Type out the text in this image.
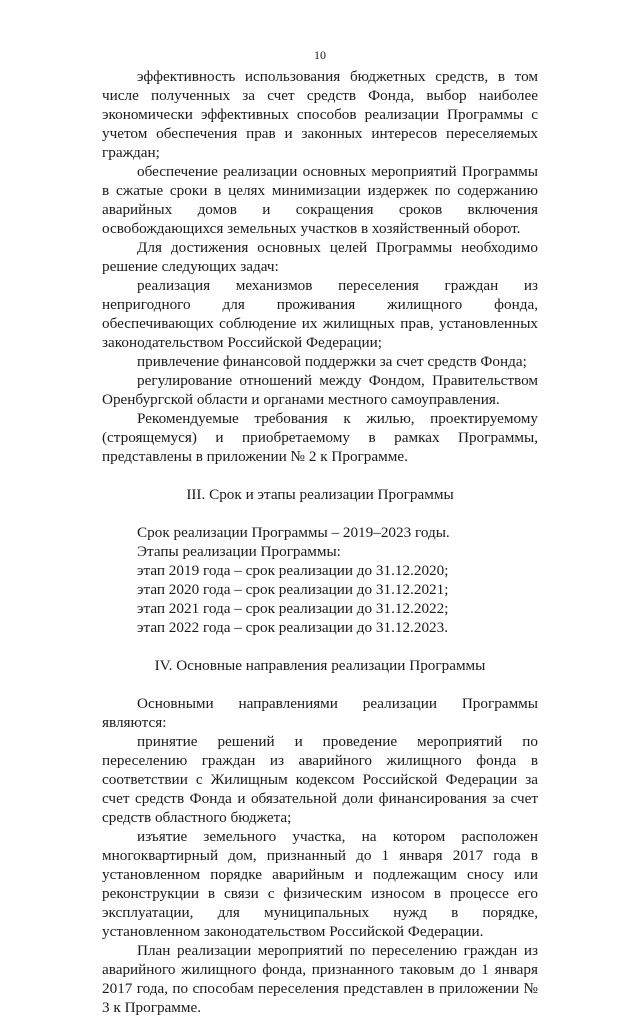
10

эффективность использования бюджетных средств, в том числе полученных за счет средств Фонда, выбор наиболее экономически эффективных способов реализации Программы с учетом обеспечения прав и законных интересов переселяемых граждан;

обеспечение реализации основных мероприятий Программы в сжатые сроки в целях минимизации издержек по содержанию аварийных домов и сокращения сроков включения освобождающихся земельных участков в хозяйственный оборот.

Для достижения основных целей Программы необходимо решение следующих задач:

реализация механизмов переселения граждан из непригодного для проживания жилищного фонда, обеспечивающих соблюдение их жилищных прав, установленных законодательством Российской Федерации;

привлечение финансовой поддержки за счет средств Фонда;

регулирование отношений между Фондом, Правительством Оренбургской области и органами местного самоуправления.

Рекомендуемые требования к жилью, проектируемому (строящемуся) и приобретаемому в рамках Программы, представлены в приложении № 2 к Программе.

III. Срок и этапы реализации Программы

Срок реализации Программы – 2019–2023 годы.

Этапы реализации Программы:

этап 2019 года – срок реализации до 31.12.2020;

этап 2020 года – срок реализации до 31.12.2021;

этап 2021 года – срок реализации до 31.12.2022;

этап 2022 года – срок реализации до 31.12.2023.

IV. Основные направления реализации Программы

Основными направлениями реализации Программы являются:

принятие решений и проведение мероприятий по переселению граждан из аварийного жилищного фонда в соответствии с Жилищным кодексом Российской Федерации за счет средств Фонда и обязательной доли финансирования за счет средств областного бюджета;

изъятие земельного участка, на котором расположен многоквартирный дом, признанный до 1 января 2017 года в установленном порядке аварийным и подлежащим сносу или реконструкции в связи с физическим износом в процессе его эксплуатации, для муниципальных нужд в порядке, установленном законодательством Российской Федерации.

План реализации мероприятий по переселению граждан из аварийного жилищного фонда, признанного таковым до 1 января 2017 года, по способам переселения представлен в приложении № 3 к Программе.
